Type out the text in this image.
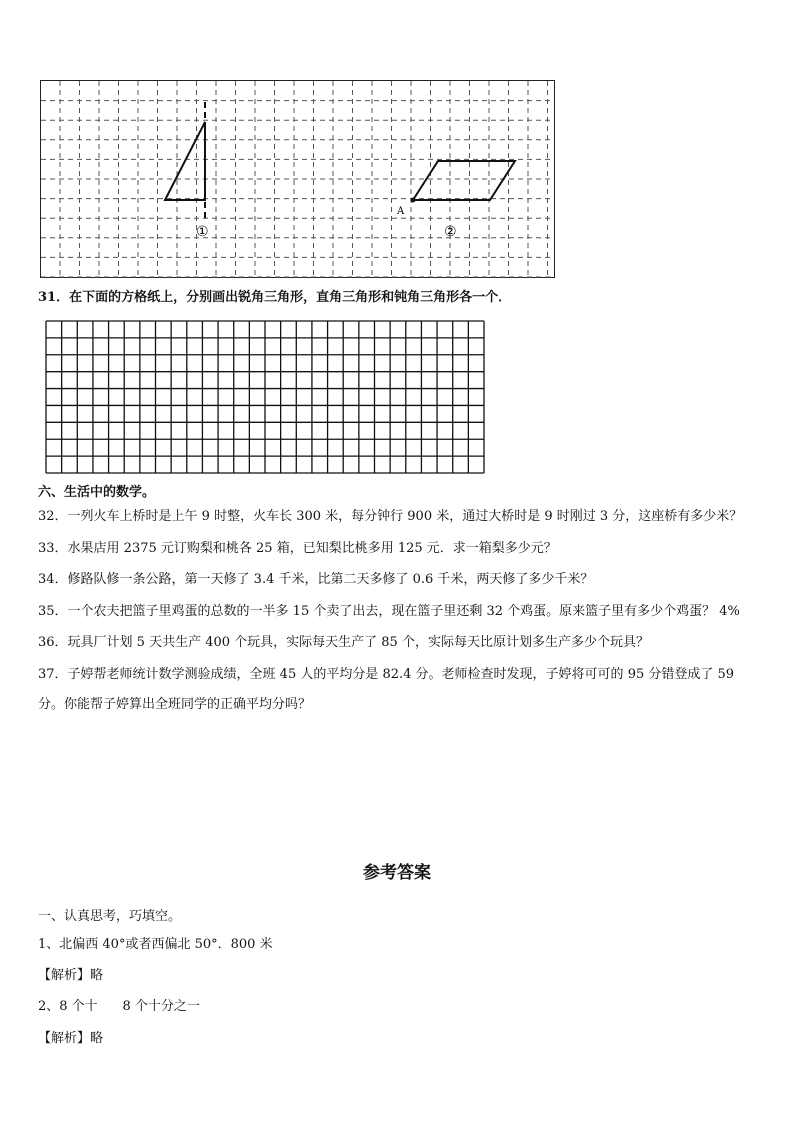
①
A
②
31．在下面的方格纸上，分别画出锐角三角形，直角三角形和钝角三角形各一个．
六、生活中的数学。
32．一列火车上桥时是上午 9 时整，火车长 300 米，每分钟行 900 米，通过大桥时是 9 时刚过 3 分，这座桥有多少米？
33．水果店用 2375 元订购梨和桃各 25 箱，已知梨比桃多用 125 元．求一箱梨多少元？
34．修路队修一条公路，第一天修了 3.4 千米，比第二天多修了 0.6 千米，两天修了多少千米？
35．一个农夫把篮子里鸡蛋的总数的一半多 15 个卖了出去，现在篮子里还剩 32 个鸡蛋。原来篮子里有多少个鸡蛋？ 4%
36．玩具厂计划 5 天共生产 400 个玩具，实际每天生产了 85 个，实际每天比原计划多生产多少个玩具？
37．子婷帮老师统计数学测验成绩，全班 45 人的平均分是 82.4 分。老师检查时发现，子婷将可可的 95 分错登成了 59
分。你能帮子婷算出全班同学的正确平均分吗？
参考答案
一、认真思考，巧填空。
1、北偏西 40°或者西偏北 50°．800 米
【解析】略
2、8 个十      8 个十分之一
【解析】略
